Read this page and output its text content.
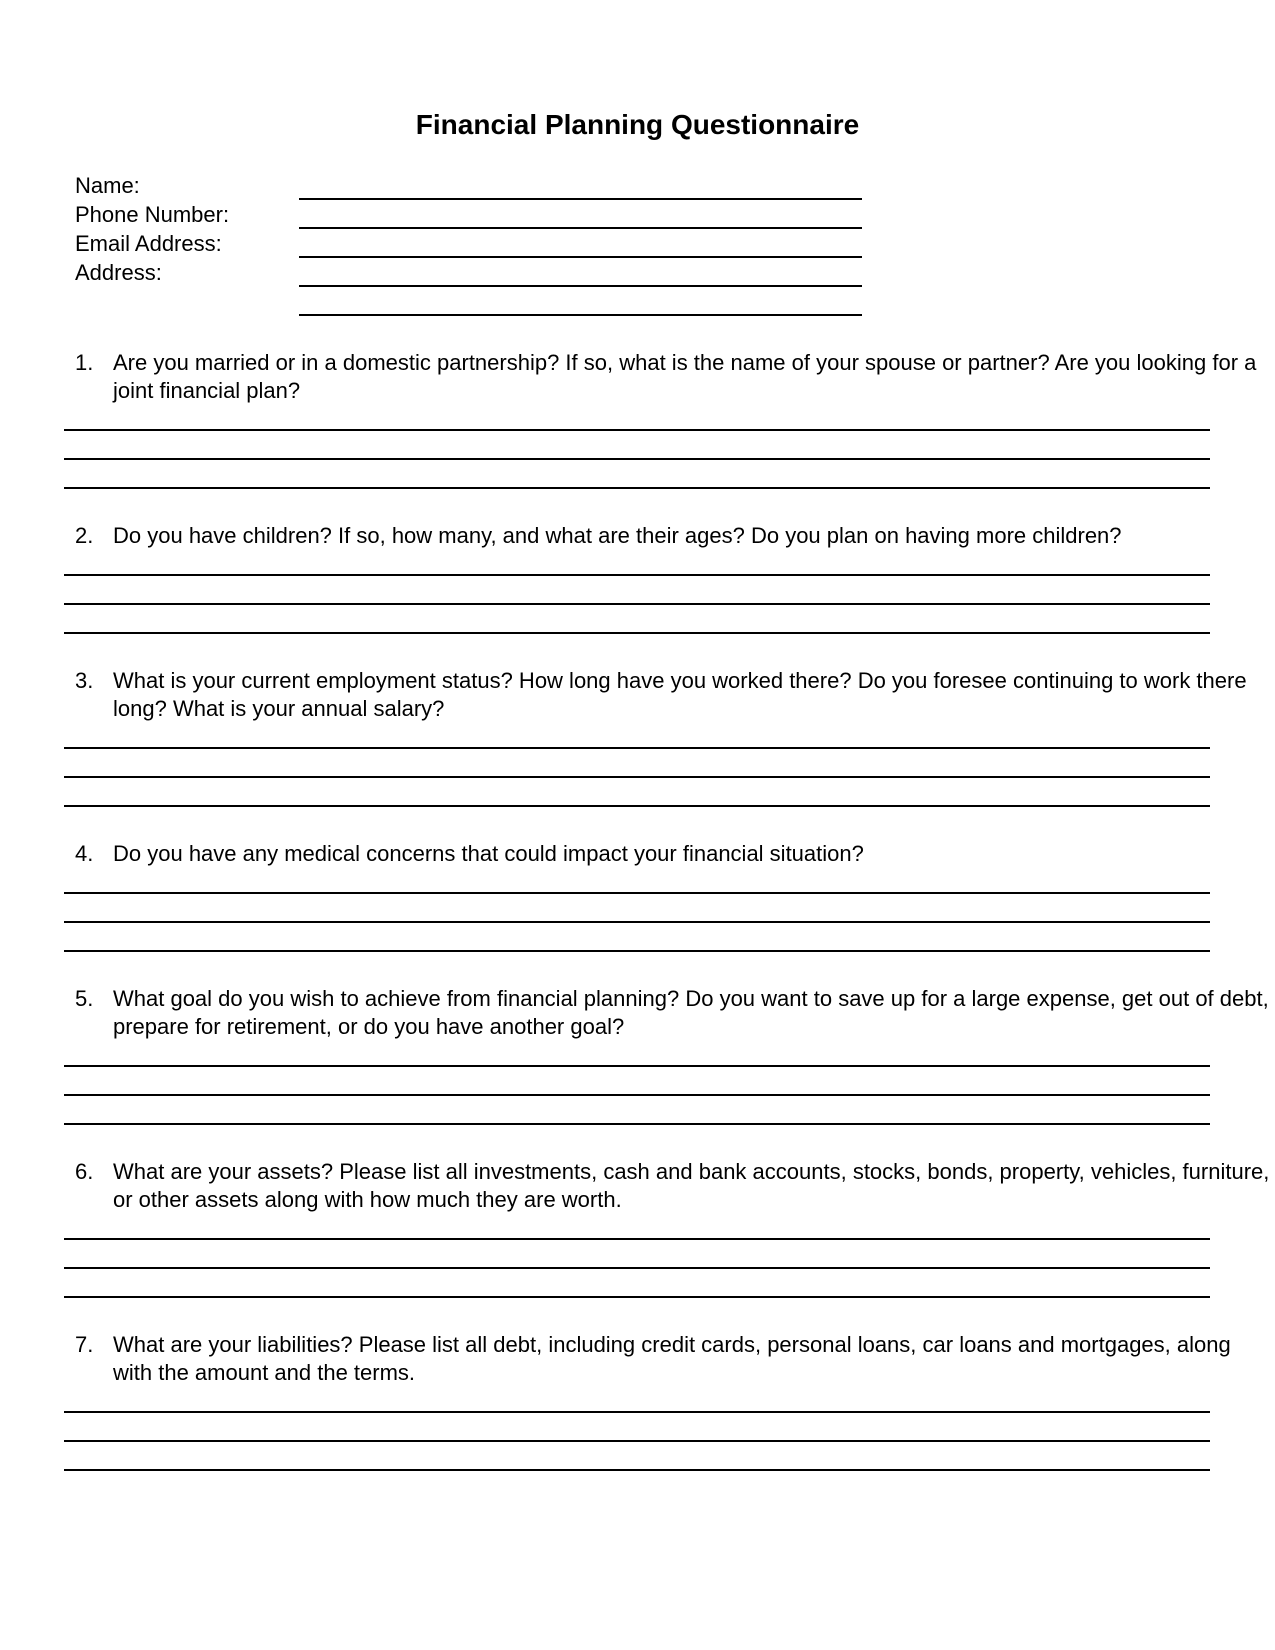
Financial Planning Questionnaire
Name:
Phone Number:
Email Address:
Address:
1. Are you married or in a domestic partnership? If so, what is the name of your spouse or partner? Are you looking for a joint financial plan?
2. Do you have children? If so, how many, and what are their ages? Do you plan on having more children?
3. What is your current employment status? How long have you worked there? Do you foresee continuing to work there long? What is your annual salary?
4. Do you have any medical concerns that could impact your financial situation?
5. What goal do you wish to achieve from financial planning? Do you want to save up for a large expense, get out of debt, prepare for retirement, or do you have another goal?
6. What are your assets? Please list all investments, cash and bank accounts, stocks, bonds, property, vehicles, furniture, or other assets along with how much they are worth.
7. What are your liabilities? Please list all debt, including credit cards, personal loans, car loans and mortgages, along with the amount and the terms.
